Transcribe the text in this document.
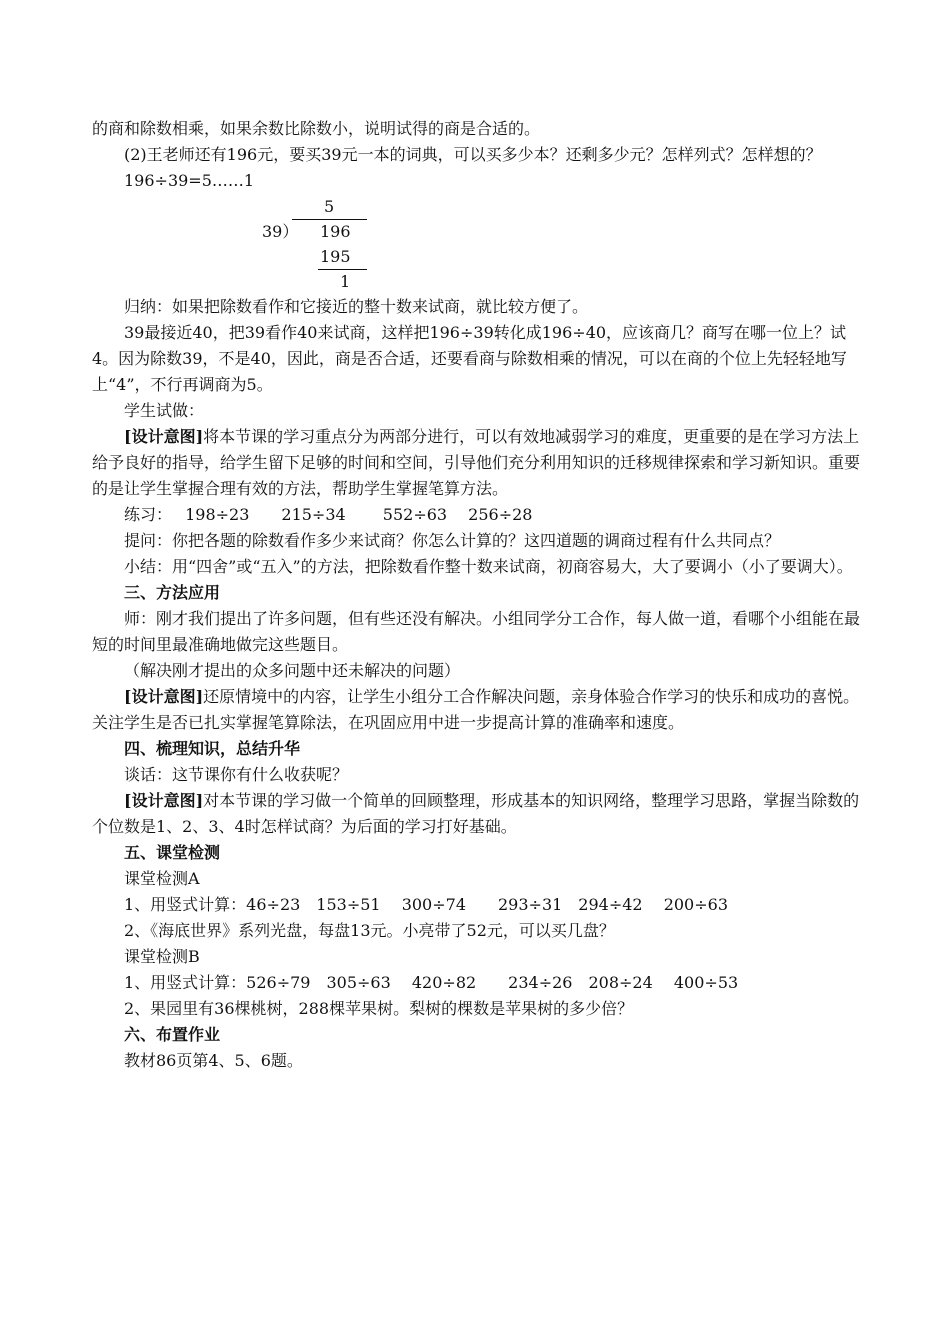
的商和除数相乘，如果余数比除数小，说明试得的商是合适的。

(2)王老师还有196元，要买39元一本的词典，可以买多少本？还剩多少元？怎样列式？怎样想的？

196÷39=5……1

5
39） 196
195
1

归纳：如果把除数看作和它接近的整十数来试商，就比较方便了。

39最接近40，把39看作40来试商，这样把196÷39转化成196÷40，应该商几？商写在哪一位上？试4。因为除数39，不是40，因此，商是否合适，还要看商与除数相乘的情况，可以在商的个位上先轻轻地写上“4”，不行再调商为5。

学生试做：

[设计意图]将本节课的学习重点分为两部分进行，可以有效地减弱学习的难度，更重要的是在学习方法上给予良好的指导，给学生留下足够的时间和空间，引导他们充分利用知识的迁移规律探索和学习新知识。重要的是让学生掌握合理有效的方法，帮助学生掌握笔算方法。

练习：　 198÷23　　215÷34　　 552÷63　 256÷28

提问：你把各题的除数看作多少来试商？你怎么计算的？这四道题的调商过程有什么共同点？

小结：用“四舍”或“五入”的方法，把除数看作整十数来试商，初商容易大，大了要调小（小了要调大）。

三、方法应用

师：刚才我们提出了许多问题，但有些还没有解决。小组同学分工合作，每人做一道，看哪个小组能在最短的时间里最准确地做完这些题目。

（解决刚才提出的众多问题中还未解决的问题）

[设计意图]还原情境中的内容，让学生小组分工合作解决问题，亲身体验合作学习的快乐和成功的喜悦。关注学生是否已扎实掌握笔算除法，在巩固应用中进一步提高计算的准确率和速度。

四、梳理知识，总结升华

谈话：这节课你有什么收获呢？

[设计意图]对本节课的学习做一个简单的回顾整理，形成基本的知识网络，整理学习思路，掌握当除数的个位数是1、2、3、4时怎样试商？为后面的学习打好基础。

五、课堂检测

课堂检测A

1、用竖式计算：46÷23　153÷51　 300÷74　　293÷31　294÷42　 200÷63

2、《海底世界》系列光盘，每盘13元。小亮带了52元，可以买几盘？

课堂检测B

1、用竖式计算：526÷79　305÷63　 420÷82　　234÷26　208÷24　 400÷53

2、果园里有36棵桃树，288棵苹果树。梨树的棵数是苹果树的多少倍？

六、布置作业

教材86页第4、5、6题。
